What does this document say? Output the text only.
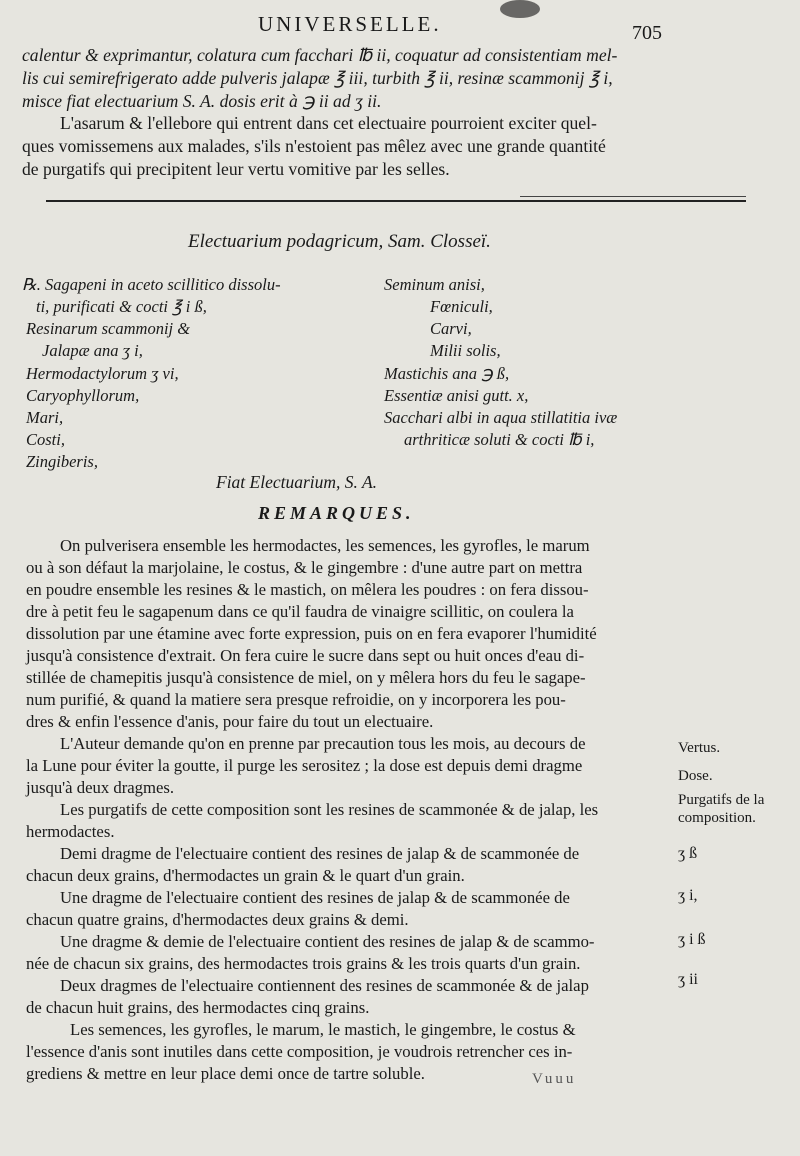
UNIVERSELLE.	705
calentur & exprimantur, colatura cum facchari ℔ ii, coquatur ad consistentiam mel-
lis cui semirefrigerato adde pulveris jalapæ ℥ iii, turbith ℥ ii, resinæ scammonij ℥ i,
misce fiat electuarium S. A. dosis erit à ℈ ii ad ʒ ii.
L'asarum & l'ellebore qui entrent dans cet electuaire pourroient exciter quel-
ques vomissemens aux malades, s'ils n'estoient pas mêlez avec une grande quantité
de purgatifs qui precipitent leur vertu vomitive par les selles.
Electuarium podagricum, Sam. Closseï.
℞. Sagapeni in aceto scillitico dissolu-
ti, purificati & cocti ℥ i ß,
Resinarum scammonij &
Jalapæ ana ʒ i,
Hermodactylorum ʒ vi,
Caryophyllorum,
Mari,
Costi,
Zingiberis,
Seminum anisi,
Fœniculi,
Carvi,
Milii solis,
Mastichis ana ℈ ß,
Essentiæ anisi gutt. x,
Sacchari albi in aqua stillatitia ivæ
arthriticæ soluti & cocti ℔ i,
Fiat Electuarium, S. A.
REMARQUES.
On pulverisera ensemble les hermodactes, les semences, les gyrofles, le marum
ou à son défaut la marjolaine, le costus, & le gingembre : d'une autre part on mettra
en poudre ensemble les resines & le mastich, on mêlera les poudres : on fera dissou-
dre à petit feu le sagapenum dans ce qu'il faudra de vinaigre scillitic, on coulera la
dissolution par une étamine avec forte expression, puis on en fera evaporer l'humidité
jusqu'à consistence d'extrait. On fera cuire le sucre dans sept ou huit onces d'eau di-
stillée de chamepitis jusqu'à consistence de miel, on y mêlera hors du feu le sagape-
num purifié, & quand la matiere sera presque refroidie, on y incorporera les pou-
dres & enfin l'essence d'anis, pour faire du tout un electuaire.
L'Auteur demande qu'on en prenne par precaution tous les mois, au decours de
la Lune pour éviter la goutte, il purge les serositez ; la dose est depuis demi dragme
jusqu'à deux dragmes.
Les purgatifs de cette composition sont les resines de scammonée & de jalap, les
hermodactes.
Demi dragme de l'electuaire contient des resines de jalap & de scammonée de
chacun deux grains, d'hermodactes un grain & le quart d'un grain.
Une dragme de l'electuaire contient des resines de jalap & de scammonée de
chacun quatre grains, d'hermodactes deux grains & demi.
Une dragme & demie de l'electuaire contient des resines de jalap & de scammo-
née de chacun six grains, des hermodactes trois grains & les trois quarts d'un grain.
Deux dragmes de l'electuaire contiennent des resines de scammonée & de jalap
de chacun huit grains, des hermodactes cinq grains.
Les semences, les gyrofles, le marum, le mastich, le gingembre, le costus &
l'essence d'anis sont inutiles dans cette composition, je voudrois retrencher ces in-
grediens & mettre en leur place demi once de tartre soluble.
Vertus.
Dose.
Purgatifs de la
composition.
ʒ ß
ʒ i,
ʒ i ß
ʒ ii
Vuuu
